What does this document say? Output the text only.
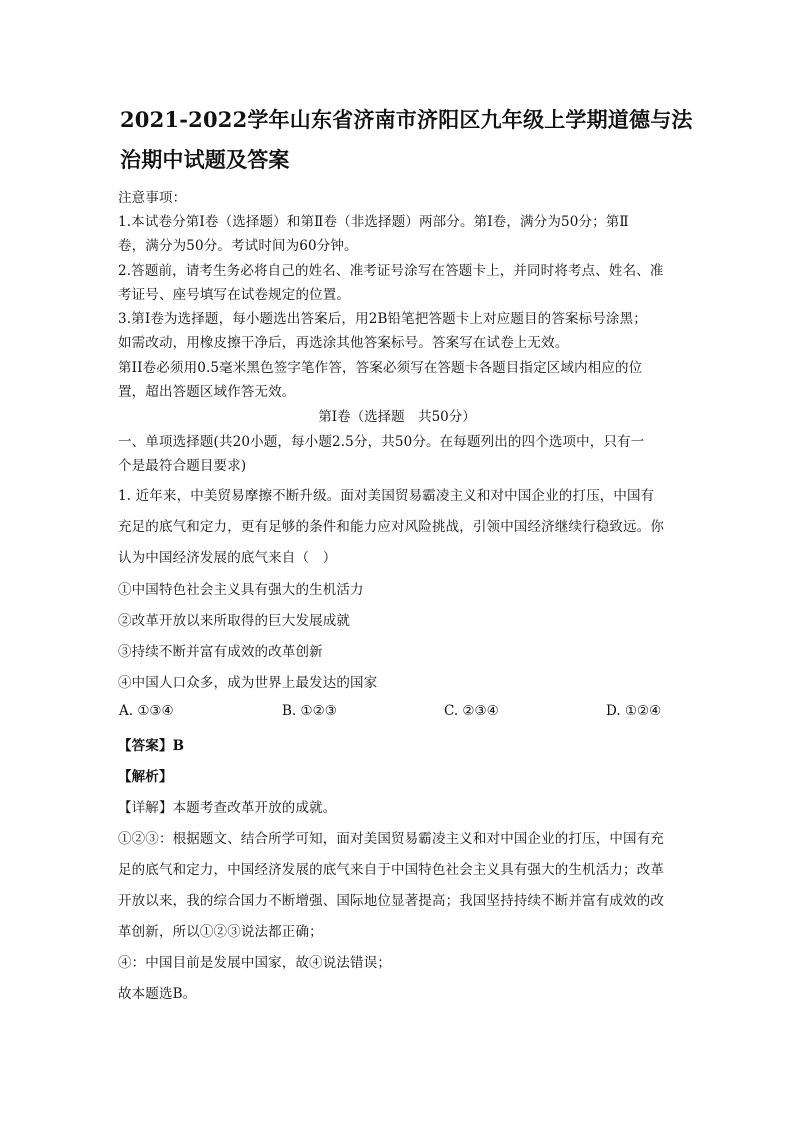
2021-2022学年山东省济南市济阳区九年级上学期道德与法
治期中试题及答案
注意事项：
1.本试卷分第Ⅰ卷（选择题）和第Ⅱ卷（非选择题）两部分。第Ⅰ卷，满分为50分；第Ⅱ
卷，满分为50分。考试时间为60分钟。
2.答题前，请考生务必将自己的姓名、准考证号涂写在答题卡上，并同时将考点、姓名、准
考证号、座号填写在试卷规定的位置。
3.第Ⅰ卷为选择题，每小题选出答案后，用2B铅笔把答题卡上对应题目的答案标号涂黑；
如需改动，用橡皮擦干净后，再选涂其他答案标号。答案写在试卷上无效。
第II卷必须用0.5毫米黑色签字笔作答，答案必须写在答题卡各题目指定区域内相应的位
置，超出答题区域作答无效。
第Ⅰ卷（选择题　共50分）
一、单项选择题(共20小题，每小题2.5分，共50分。在每题列出的四个选项中，只有一
个是最符合题目要求)
1. 近年来，中美贸易摩擦不断升级。面对美国贸易霸凌主义和对中国企业的打压，中国有
充足的底气和定力，更有足够的条件和能力应对风险挑战，引领中国经济继续行稳致远。你
认为中国经济发展的底气来自（　）
①中国特色社会主义具有强大的生机活力
②改革开放以来所取得的巨大发展成就
③持续不断并富有成效的改革创新
④中国人口众多，成为世界上最发达的国家
A. ①③④	B. ①②③	C. ②③④	D. ①②④
【答案】B
【解析】
【详解】本题考查改革开放的成就。
①②③：根据题文、结合所学可知，面对美国贸易霸凌主义和对中国企业的打压，中国有充
足的底气和定力，中国经济发展的底气来自于中国特色社会主义具有强大的生机活力；改革
开放以来，我的综合国力不断增强、国际地位显著提高；我国坚持持续不断并富有成效的改
革创新，所以①②③说法都正确；
④：中国目前是发展中国家，故④说法错误；
故本题选B。
